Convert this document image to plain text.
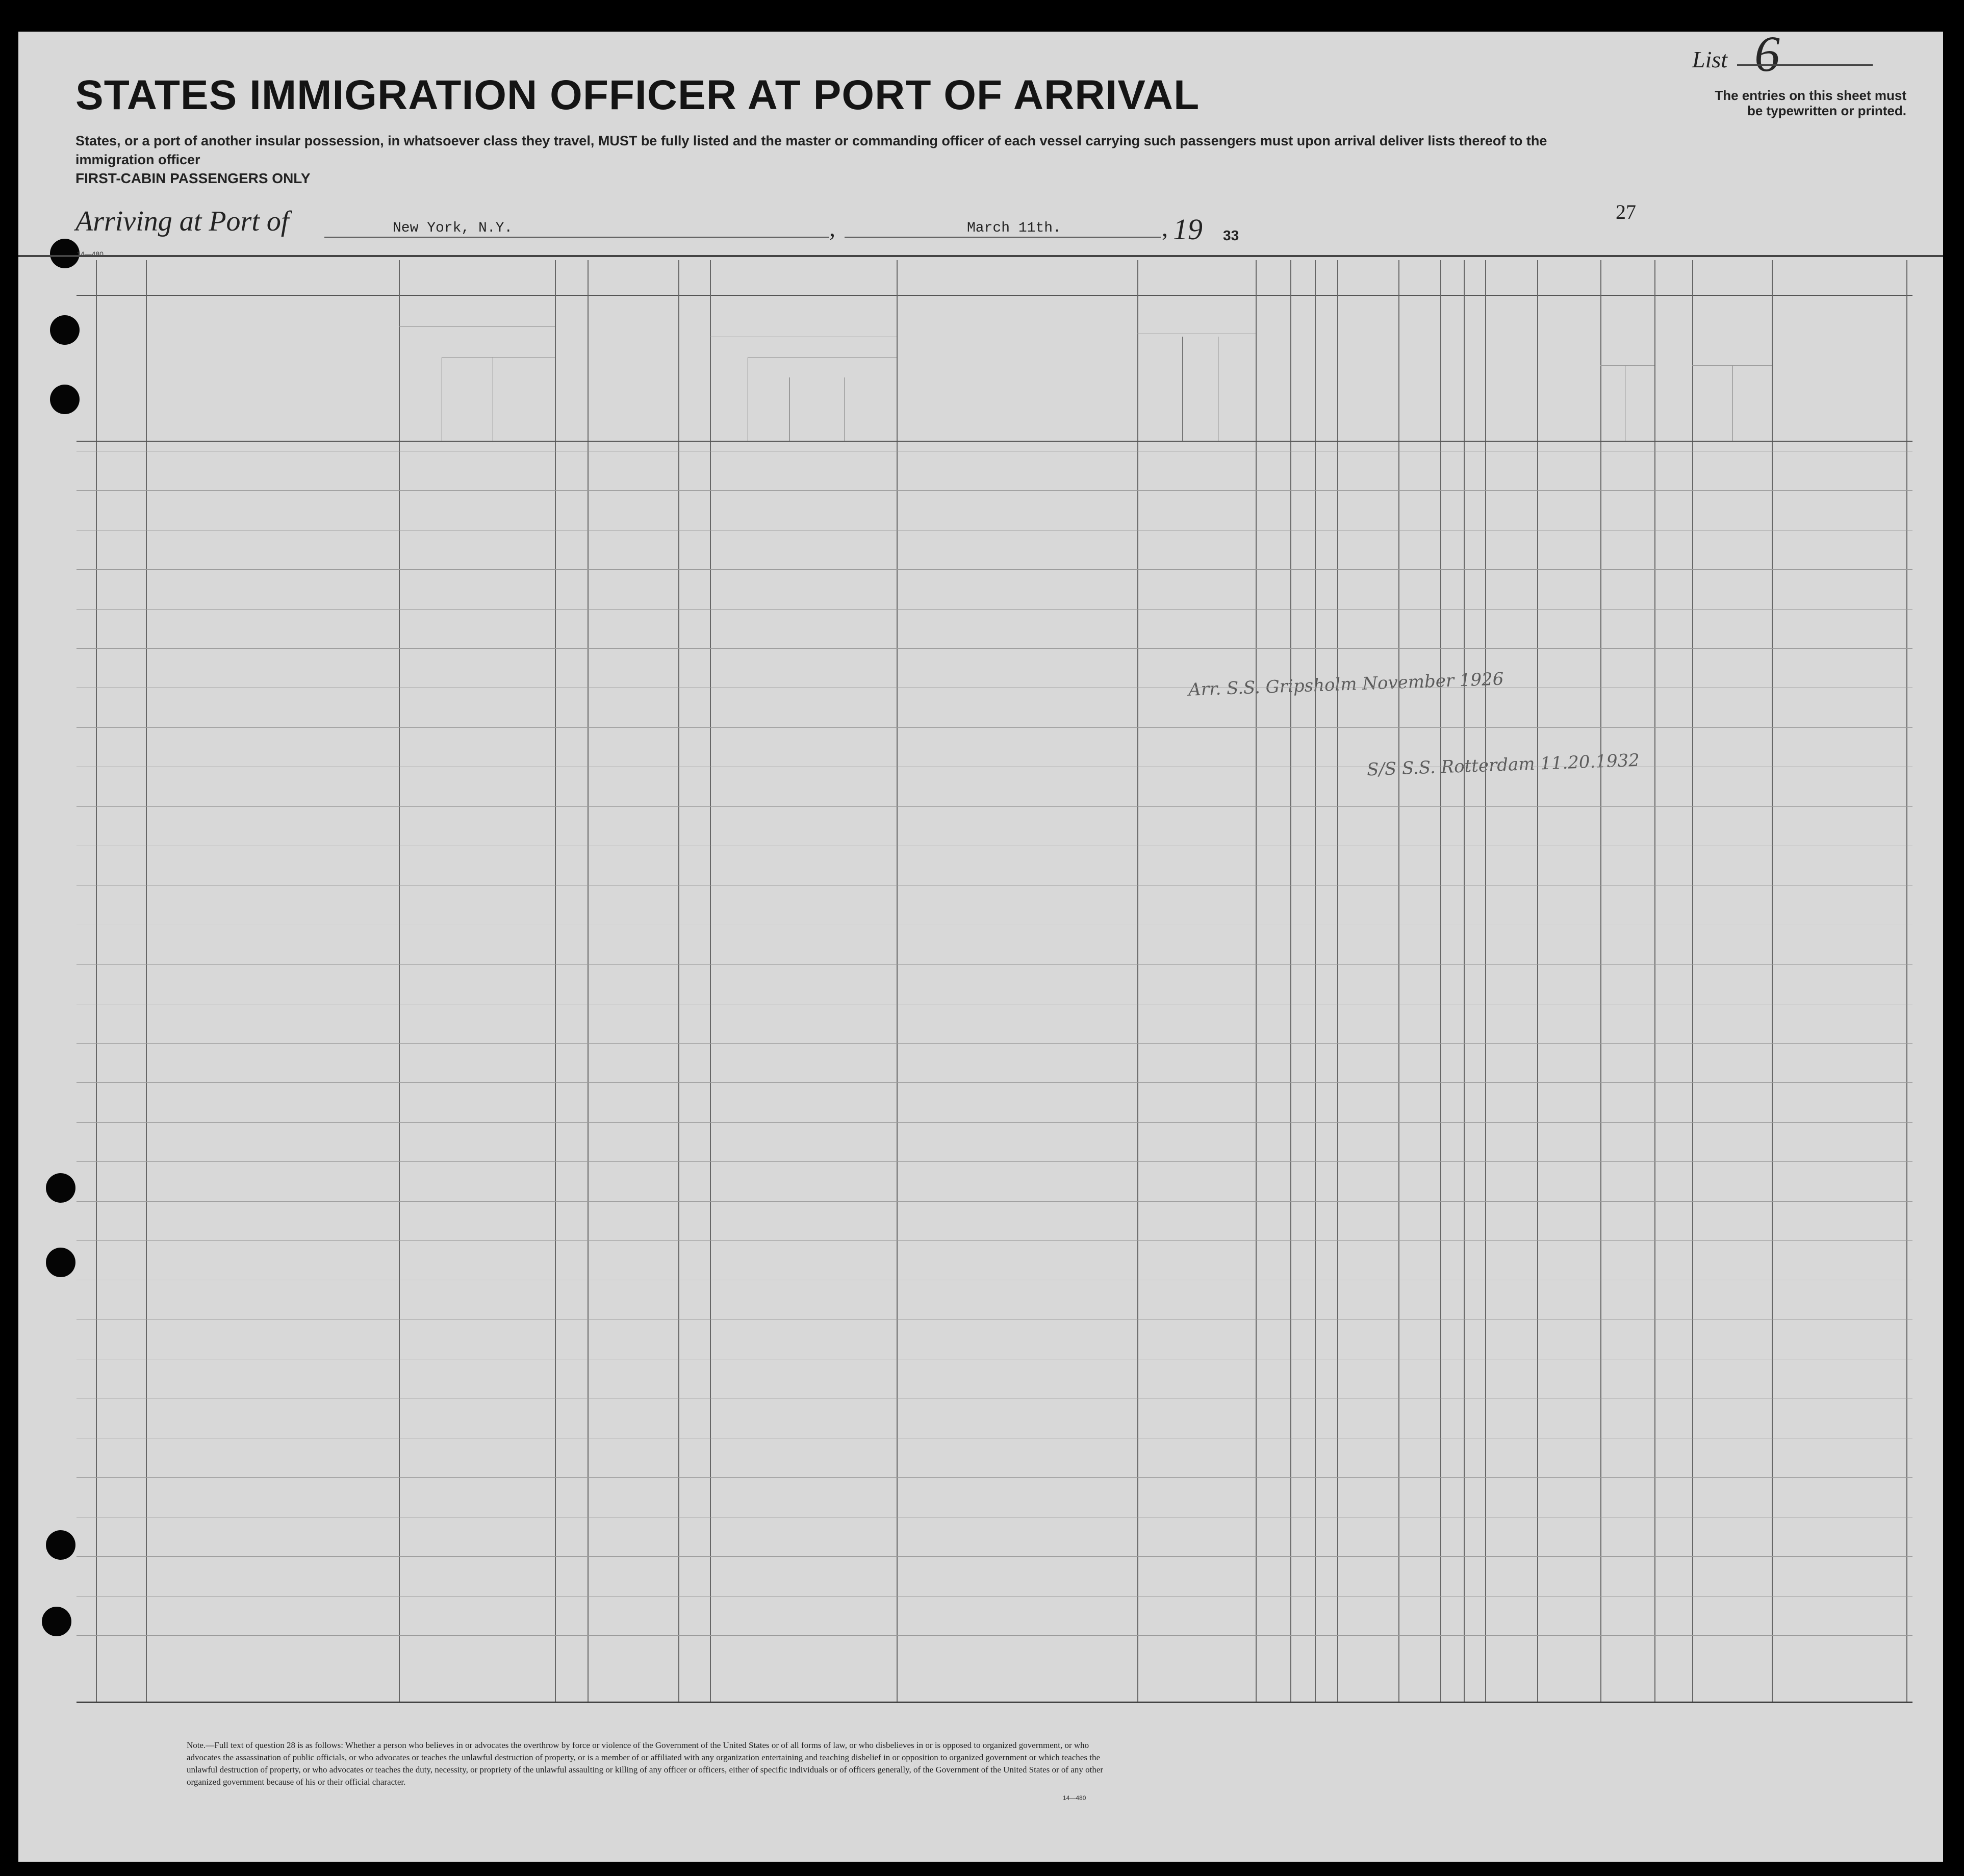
STATES IMMIGRATION OFFICER AT PORT OF ARRIVAL
List 6
The entries on this sheet must
be typewritten or printed.
States, or a port of another insular possession, in whatsoever class they travel, MUST be fully listed and the master or commanding officer of each vessel carrying such passengers must upon arrival deliver lists thereof to the immigration officer
FIRST-CABIN PASSENGERS ONLY
Arriving at Port of	New York, N.Y.	,	March 11th.	, 19 33
27
14—480
Arr. S.S. Gripsholm November 1926
S/S S.S. Rotterdam 11.20.1932
Note.—Full text of question 28 is as follows: Whether a person who believes in or advocates the overthrow by force or violence of the Government of the United States or of all forms of law, or who disbelieves in or is opposed to organized government, or who advocates the assassination of public officials, or who advocates or teaches the unlawful destruction of property, or is a member of or affiliated with any organization entertaining and teaching disbelief in or opposition to organized government or which teaches the unlawful destruction of property, or who advocates or teaches the duty, necessity, or propriety of the unlawful assaulting or killing of any officer or officers, either of specific individuals or of officers generally, of the Government of the United States or of any other organized government because of his or their official character.
14—480
